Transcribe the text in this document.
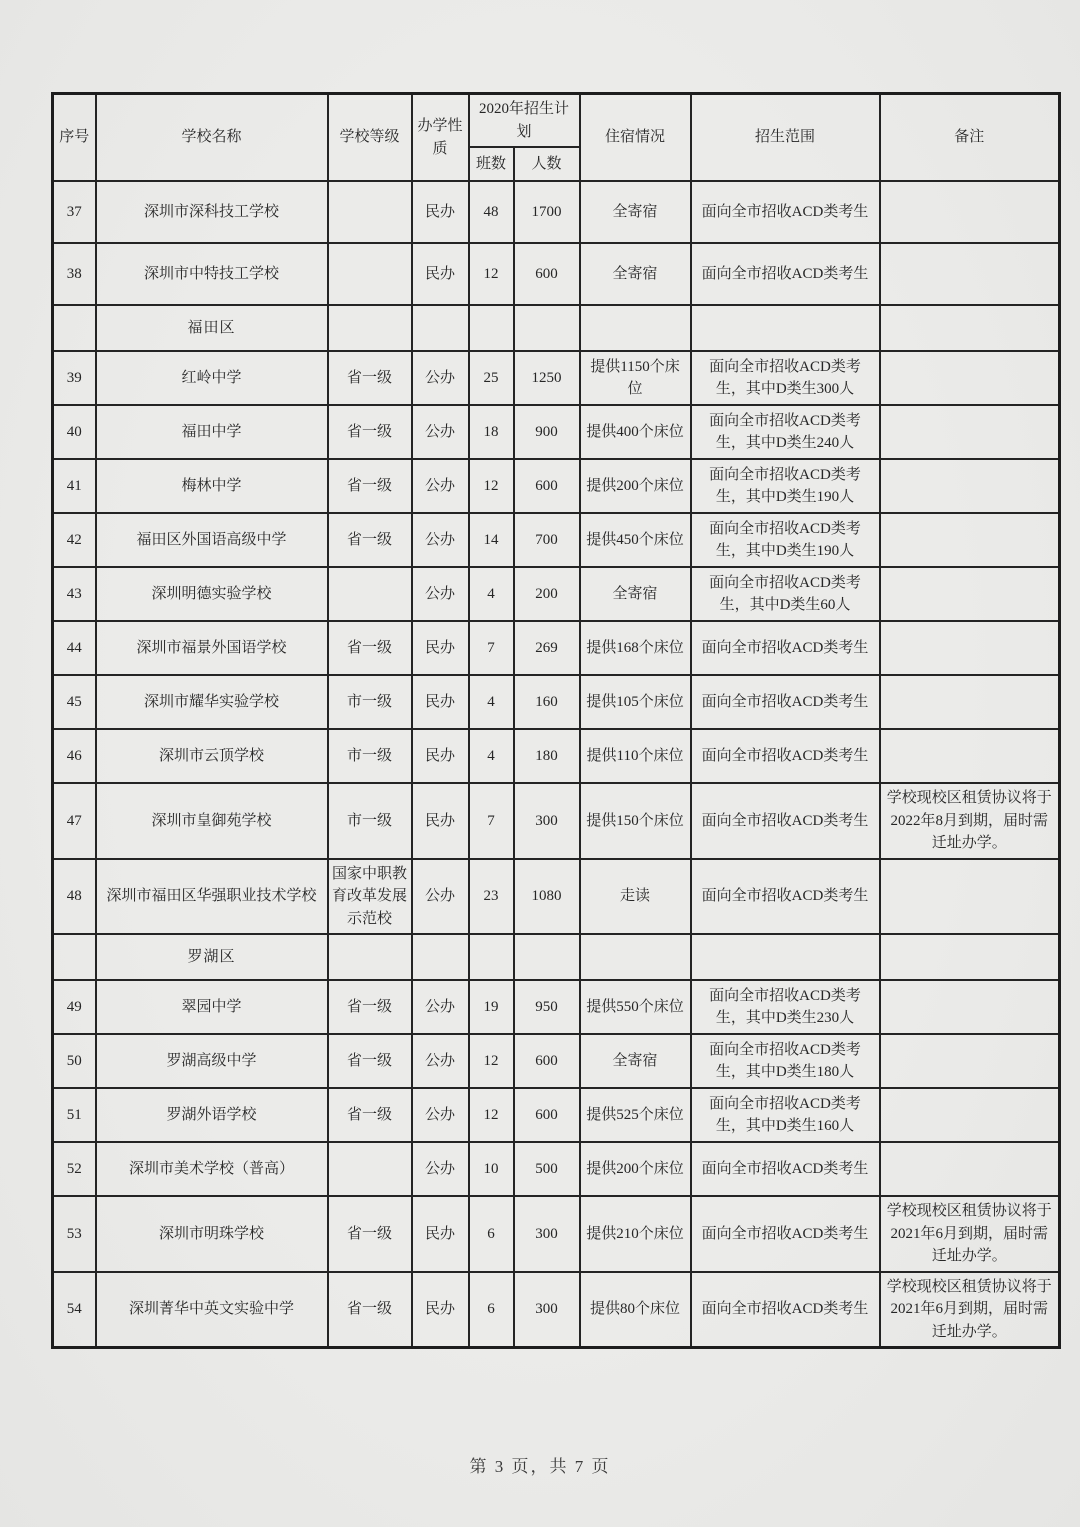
序号	学校名称	学校等级	办学性质	2020年招生计划		住宿情况	招生范围	备注
				班数	人数			
37	深圳市深科技工学校		民办	48	1700	全寄宿	面向全市招收ACD类考生	
38	深圳市中特技工学校		民办	12	600	全寄宿	面向全市招收ACD类考生	
	福田区							
39	红岭中学	省一级	公办	25	1250	提供1150个床位	面向全市招收ACD类考生，其中D类生300人	
40	福田中学	省一级	公办	18	900	提供400个床位	面向全市招收ACD类考生，其中D类生240人	
41	梅林中学	省一级	公办	12	600	提供200个床位	面向全市招收ACD类考生，其中D类生190人	
42	福田区外国语高级中学	省一级	公办	14	700	提供450个床位	面向全市招收ACD类考生，其中D类生190人	
43	深圳明德实验学校		公办	4	200	全寄宿	面向全市招收ACD类考生，其中D类生60人	
44	深圳市福景外国语学校	省一级	民办	7	269	提供168个床位	面向全市招收ACD类考生	
45	深圳市耀华实验学校	市一级	民办	4	160	提供105个床位	面向全市招收ACD类考生	
46	深圳市云顶学校	市一级	民办	4	180	提供110个床位	面向全市招收ACD类考生	
47	深圳市皇御苑学校	市一级	民办	7	300	提供150个床位	面向全市招收ACD类考生	学校现校区租赁协议将于2022年8月到期，届时需迁址办学。
48	深圳市福田区华强职业技术学校	国家中职教育改革发展示范校	公办	23	1080	走读	面向全市招收ACD类考生	
	罗湖区							
49	翠园中学	省一级	公办	19	950	提供550个床位	面向全市招收ACD类考生，其中D类生230人	
50	罗湖高级中学	省一级	公办	12	600	全寄宿	面向全市招收ACD类考生，其中D类生180人	
51	罗湖外语学校	省一级	公办	12	600	提供525个床位	面向全市招收ACD类考生，其中D类生160人	
52	深圳市美术学校（普高）		公办	10	500	提供200个床位	面向全市招收ACD类考生	
53	深圳市明珠学校	省一级	民办	6	300	提供210个床位	面向全市招收ACD类考生	学校现校区租赁协议将于2021年6月到期，届时需迁址办学。
54	深圳菁华中英文实验中学	省一级	民办	6	300	提供80个床位	面向全市招收ACD类考生	学校现校区租赁协议将于2021年6月到期，届时需迁址办学。
第 3 页，共 7 页
